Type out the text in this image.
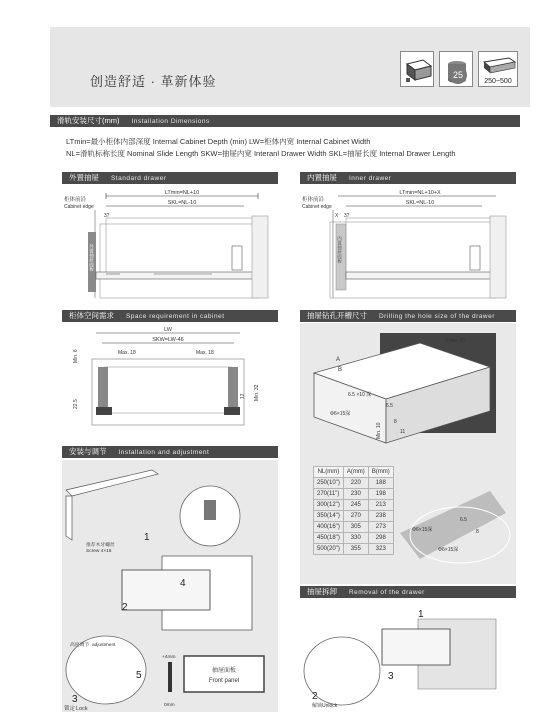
创造舒适 · 革新体验	25
250~500
滑轨安装尺寸(mm) Installation Dimensions
LTmin=最小柜体内部深度 Internal Cabinet Depth (min) LW=柜体内宽 Internal Cabinet Width
NL=滑轨标称长度 Nominal Slide Length SKW=抽屉内宽 Interanl Drawer Width SKL=抽屉长度 Internal Drawer Length
外置抽屉 Standard drawer
LTmin=NL+10
SKL=NL-10
柜体前沿
Cabinet edge
37
外置抽屉面板
内置抽屉 Inner drawer
LTmin=NL+10+X
SKL=NL-10
柜体前沿
Cabinet edge
X 37
内置抽屉面板
柜体空间需求 Space requirement in cabinet
LW
SKW=LW-46
Max. 18	Max. 18
Min. 6
22.5
12 Min. 32
抽屉钻孔开槽尺寸 Drilling the hole size of the drawer
R min 25
A
B
6.5 ×10 深
Φ6×15深
6.5
Min. 10
8
11
Φ6×15深
6.5
Φ6×15深
8
NL(mm)	A(mm)	B(mm)
250(10")	220	188
270(11")	230	198
300(12")	245	213
350(14")	270	238
400(16")	305	273
450(18")	330	298
500(20")	355	323
安装与调节 Installation and adjustment
推荐木牙螺丝
Screw 4×16
1
4
2
高度调节 adjustment
5
3
锁定 Lock
+4mm
0mm
抽屉面板
Front panel
抽屉拆卸 Removal of the drawer
1
3
2
解锁 Unlock
